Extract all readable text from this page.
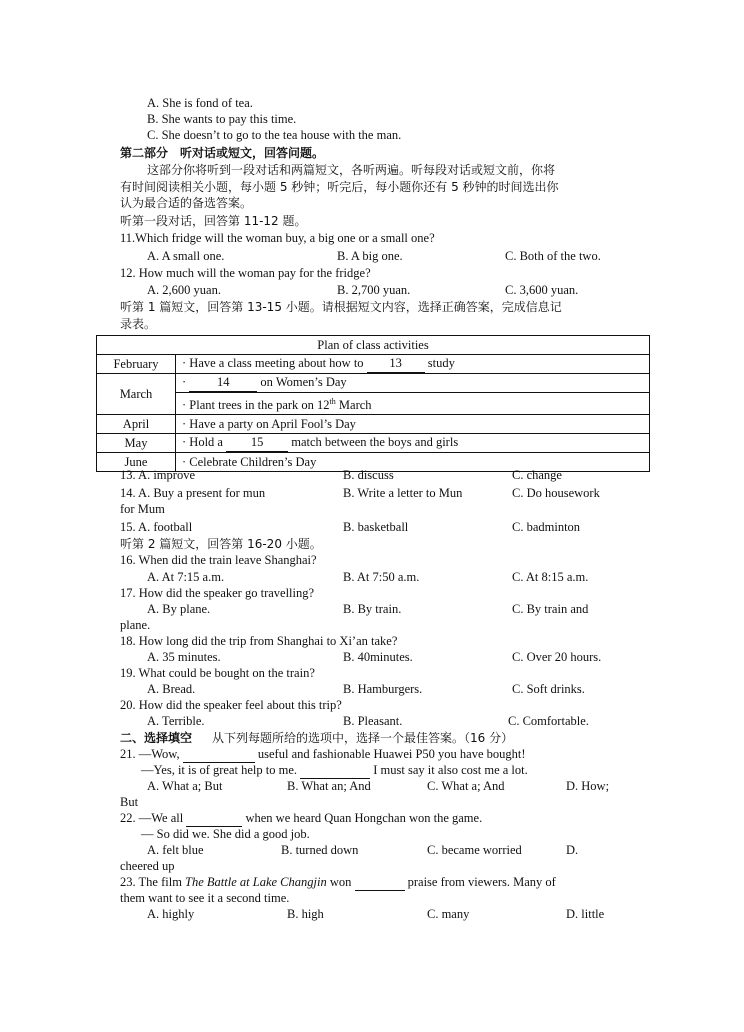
A. She is fond of tea.
B. She wants to pay this time.
C. She doesn’t to go to the tea house with the man.
第二部分　听对话或短文，回答问题。
这部分你将听到一段对话和两篇短文，各听两遍。听每段对话或短文前，你将
有时间阅读相关小题，每小题 5 秒钟；听完后，每小题你还有 5 秒钟的时间选出你
认为最合适的备选答案。
听第一段对话，回答第 11-12 题。
11.Which fridge will the woman buy, a big one or a small one?
A. A small one.	B. A big one.	C. Both of the two.
12. How much will the woman pay for the fridge?
A. 2,600 yuan.	B. 2,700 yuan.	C. 3,600 yuan.
听第 1 篇短文，回答第 13-15 小题。请根据短文内容，选择正确答案，完成信息记
录表。
Plan of class activities	
February	· Have a class meeting about how to 13 study
March	· 14 on Women’s Day
	· Plant trees in the park on 12th March
April	· Have a party on April Fool’s Day
May	· Hold a 15 match between the boys and girls
June	· Celebrate Children’s Day
13. A. improve	B. discuss	C. change
14. A. Buy a present for mun	B. Write a letter to Mun	C. Do housework
for Mum
15. A. football	B. basketball	C. badminton
听第 2 篇短文，回答第 16-20 小题。
16. When did the train leave Shanghai?
A. At 7:15 a.m.	B. At 7:50 a.m.	C. At 8:15 a.m.
17. How did the speaker go travelling?
A. By plane.	B. By train.	C. By train and
plane.
18. How long did the trip from Shanghai to Xi’an take?
A. 35 minutes.	B. 40minutes.	C. Over 20 hours.
19. What could be bought on the train?
A. Bread.	B. Hamburgers.	C. Soft drinks.
20. How did the speaker feel about this trip?
A. Terrible.	B. Pleasant.	C. Comfortable.
二、选择填空 从下列每题所给的选项中，选择一个最佳答案。（16 分）
21. —Wow,	useful and fashionable Huawei P50 you have bought!
—Yes, it is of great help to me.	I must say it also cost me a lot.
A. What a; But	B. What an; And	C. What a; And	D. How;
But
22. —We all	when we heard Quan Hongchan won the game.
— So did we. She did a good job.
A. felt blue	B. turned down	C. became worried	D.
cheered up
23. The film The Battle at Lake Changjin won	praise from viewers. Many of
them want to see it a second time.
A. highly	B. high	C. many	D. little
